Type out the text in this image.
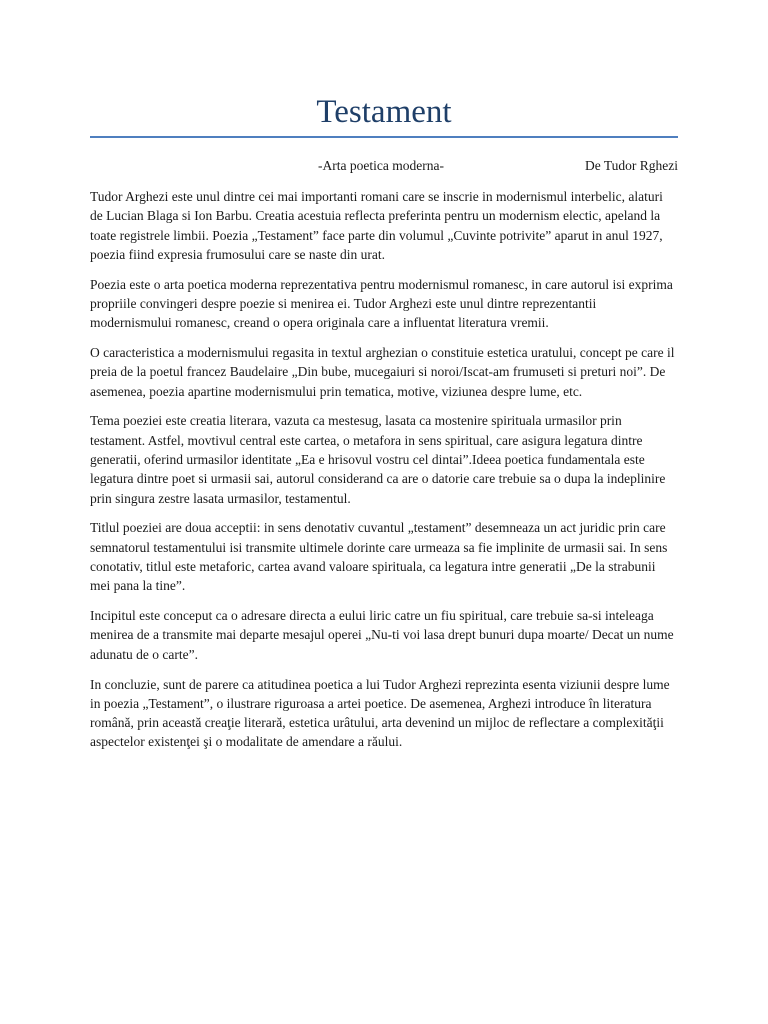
Testament
-Arta poetica moderna-	De Tudor Rghezi

Tudor Arghezi este unul dintre cei mai importanti romani care se inscrie in modernismul interbelic, alaturi de Lucian Blaga si Ion Barbu. Creatia acestuia reflecta preferinta pentru un modernism electic, apeland la toate registrele limbii. Poezia „Testament” face parte din volumul „Cuvinte potrivite” aparut in anul 1927, poezia fiind expresia frumosului care se naste din urat.

Poezia este o arta poetica moderna reprezentativa pentru modernismul romanesc, in care autorul isi exprima propriile convingeri despre poezie si menirea ei. Tudor Arghezi este unul dintre reprezentantii modernismului romanesc, creand o opera originala care a influentat literatura vremii.

O caracteristica a modernismului regasita in textul arghezian o constituie estetica uratului, concept pe care il preia de la poetul francez Baudelaire „Din bube, mucegaiuri si noroi/Iscat-am frumuseti si preturi noi”. De asemenea, poezia apartine modernismului prin tematica, motive, viziunea despre lume, etc.

Tema poeziei este creatia literara, vazuta ca mestesug, lasata ca mostenire spirituala urmasilor prin testament. Astfel, movtivul central este cartea, o metafora in sens spiritual, care asigura legatura dintre generatii, oferind urmasilor identitate „Ea e hrisovul vostru cel dintai”.Ideea poetica fundamentala este legatura dintre poet si urmasii sai, autorul considerand ca are o datorie care trebuie sa o dupa la indeplinire prin singura zestre lasata urmasilor, testamentul.

Titlul poeziei are doua acceptii: in sens denotativ cuvantul „testament” desemneaza un act juridic prin care semnatorul testamentului isi transmite ultimele dorinte care urmeaza sa fie implinite de urmasii sai. In sens conotativ, titlul este metaforic, cartea avand valoare spirituala, ca legatura intre generatii „De la strabunii mei pana la tine”.

Incipitul este conceput ca o adresare directa a eului liric catre un fiu spiritual, care trebuie sa-si inteleaga menirea de a transmite mai departe mesajul operei „Nu-ti voi lasa drept bunuri dupa moarte/ Decat un nume adunatu de o carte”.

In concluzie, sunt de parere ca atitudinea poetica a lui Tudor Arghezi reprezinta esenta viziunii despre lume in poezia „Testament”, o ilustrare riguroasa a artei poetice. De asemenea, Arghezi introduce în literatura română, prin această creaţie literară, estetica urâtului, arta devenind un mijloc de reflectare a complexităţii aspectelor existenţei şi o modalitate de amendare a răului.
